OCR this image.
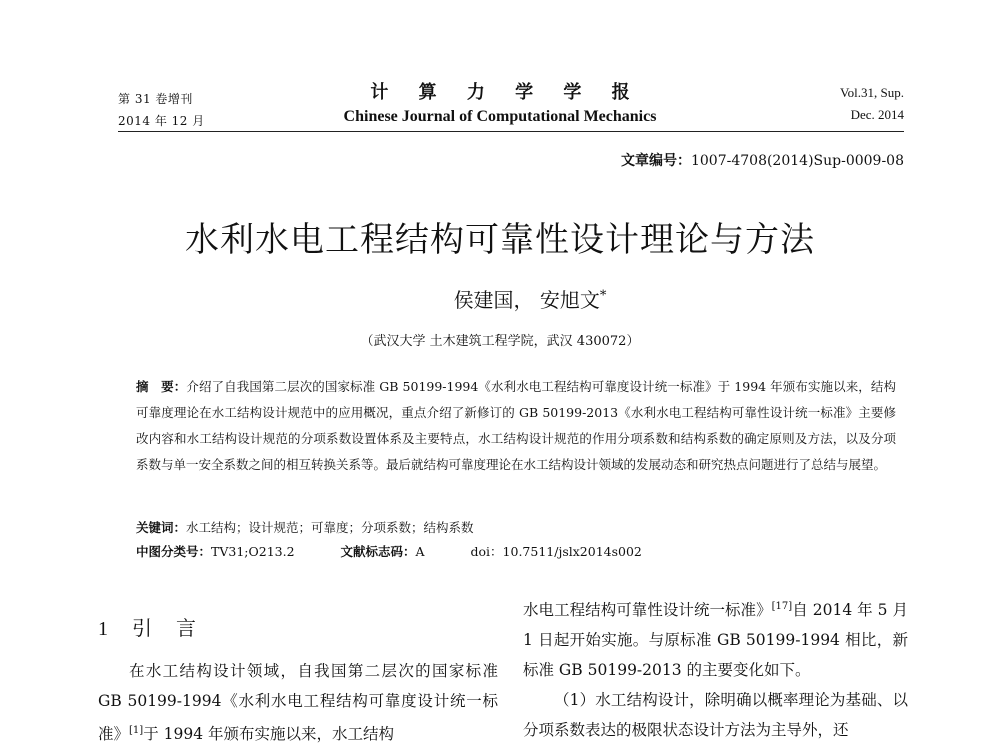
第 31 卷增刊
2014 年 12 月
计 算 力 学 学 报
Chinese Journal of Computational Mechanics
Vol.31, Sup.
Dec. 2014
文章编号：1007-4708(2014)Sup-0009-08
水利水电工程结构可靠性设计理论与方法
侯建国， 安旭文*
（武汉大学 土木建筑工程学院，武汉 430072）
摘　要：介绍了自我国第二层次的国家标准 GB 50199-1994《水利水电工程结构可靠度设计统一标准》于 1994 年颁布实施以来，结构可靠度理论在水工结构设计规范中的应用概况，重点介绍了新修订的 GB 50199-2013《水利水电工程结构可靠性设计统一标准》主要修改内容和水工结构设计规范的分项系数设置体系及主要特点，水工结构设计规范的作用分项系数和结构系数的确定原则及方法，以及分项系数与单一安全系数之间的相互转换关系等。最后就结构可靠度理论在水工结构设计领域的发展动态和研究热点问题进行了总结与展望。
关键词：水工结构；设计规范；可靠度；分项系数；结构系数
中图分类号：TV31;O213.2	文献标志码：A	doi：10.7511/jslx2014s002
1 引 言
在水工结构设计领域，自我国第二层次的国家标准 GB 50199-1994《水利水电工程结构可靠度设计统一标准》[1]于 1994 年颁布实施以来，水工结构
水电工程结构可靠性设计统一标准》[17]自 2014 年 5 月 1 日起开始实施。与原标准 GB 50199-1994 相比，新标准 GB 50199-2013 的主要变化如下。
（1）水工结构设计，除明确以概率理论为基础、以分项系数表达的极限状态设计方法为主导外，还
